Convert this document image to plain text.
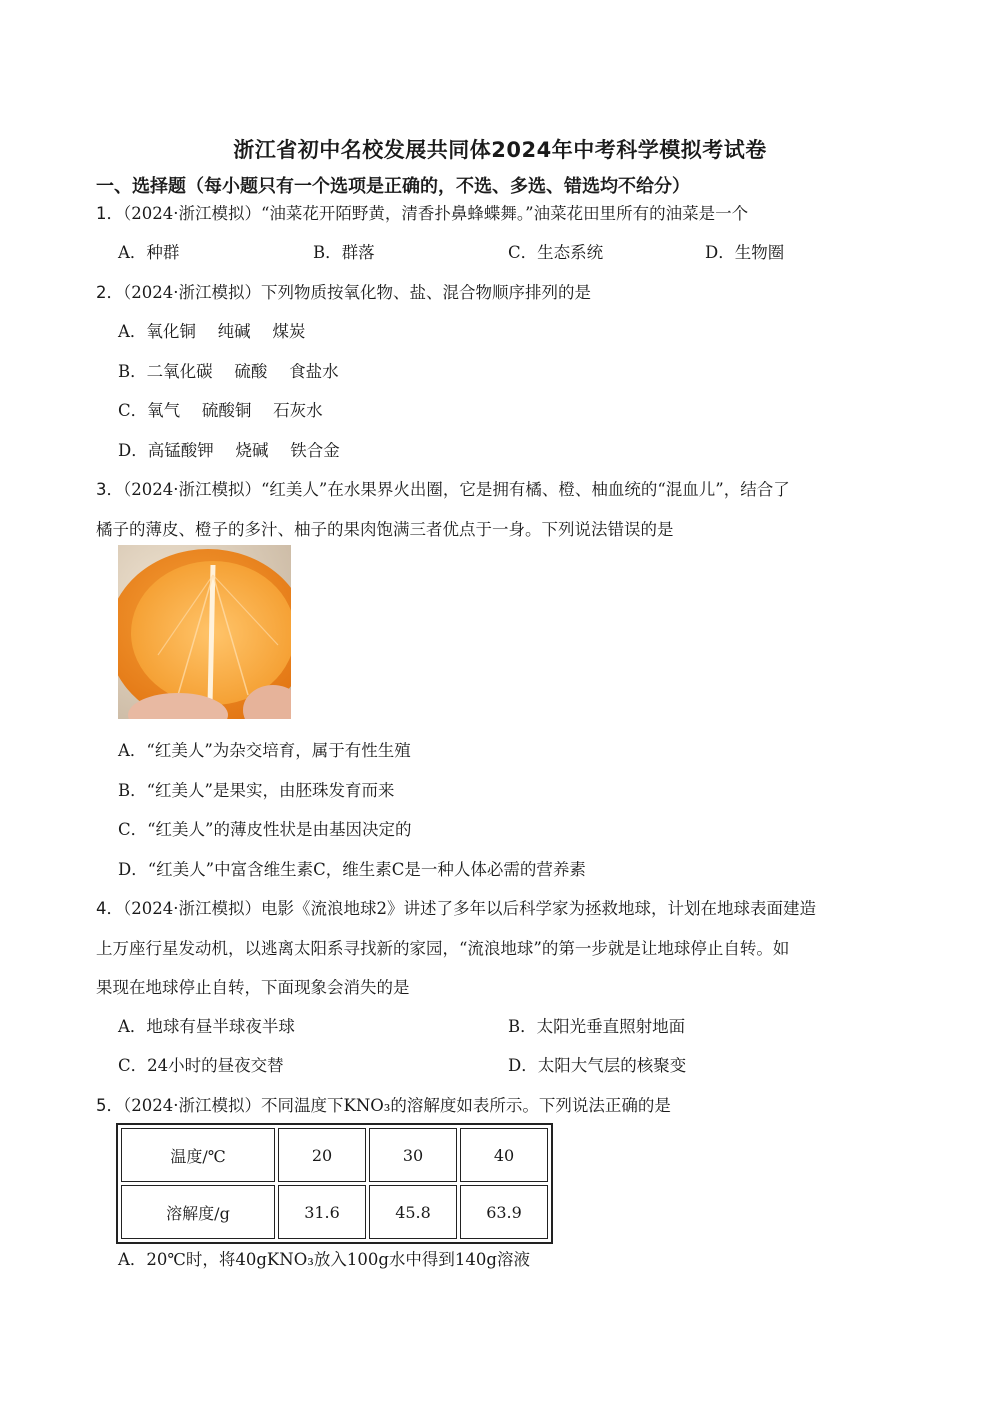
浙江省初中名校发展共同体2024年中考科学模拟考试卷
一、选择题（每小题只有一个选项是正确的，不选、多选、错选均不给分）
1．（2024·浙江模拟）“油菜花开陌野黄，清香扑鼻蜂蝶舞。”油菜花田里所有的油菜是一个
A．种群	B．群落	C．生态系统	D．生物圈
2．（2024·浙江模拟）下列物质按氧化物、盐、混合物顺序排列的是
A．氧化铜　 纯碱　 煤炭
B．二氧化碳　 硫酸　 食盐水
C．氧气　 硫酸铜　 石灰水
D．高锰酸钾　 烧碱　 铁合金
3．（2024·浙江模拟）“红美人”在水果界火出圈，它是拥有橘、橙、柚血统的“混血儿”，结合了
橘子的薄皮、橙子的多汁、柚子的果肉饱满三者优点于一身。下列说法错误的是
A．“红美人”为杂交培育，属于有性生殖
B．“红美人”是果实，由胚珠发育而来
C．“红美人”的薄皮性状是由基因决定的
D．“红美人”中富含维生素C，维生素C是一种人体必需的营养素
4．（2024·浙江模拟）电影《流浪地球2》讲述了多年以后科学家为拯救地球，计划在地球表面建造
上万座行星发动机，以逃离太阳系寻找新的家园，“流浪地球”的第一步就是让地球停止自转。如
果现在地球停止自转，下面现象会消失的是
A．地球有昼半球夜半球	B．太阳光垂直照射地面
C．24小时的昼夜交替	D．太阳大气层的核聚变
5．（2024·浙江模拟）不同温度下KNO₃的溶解度如表所示。下列说法正确的是
温度/℃	20	30	40
溶解度/g	31.6	45.8	63.9
A．20℃时，将40gKNO₃放入100g水中得到140g溶液
